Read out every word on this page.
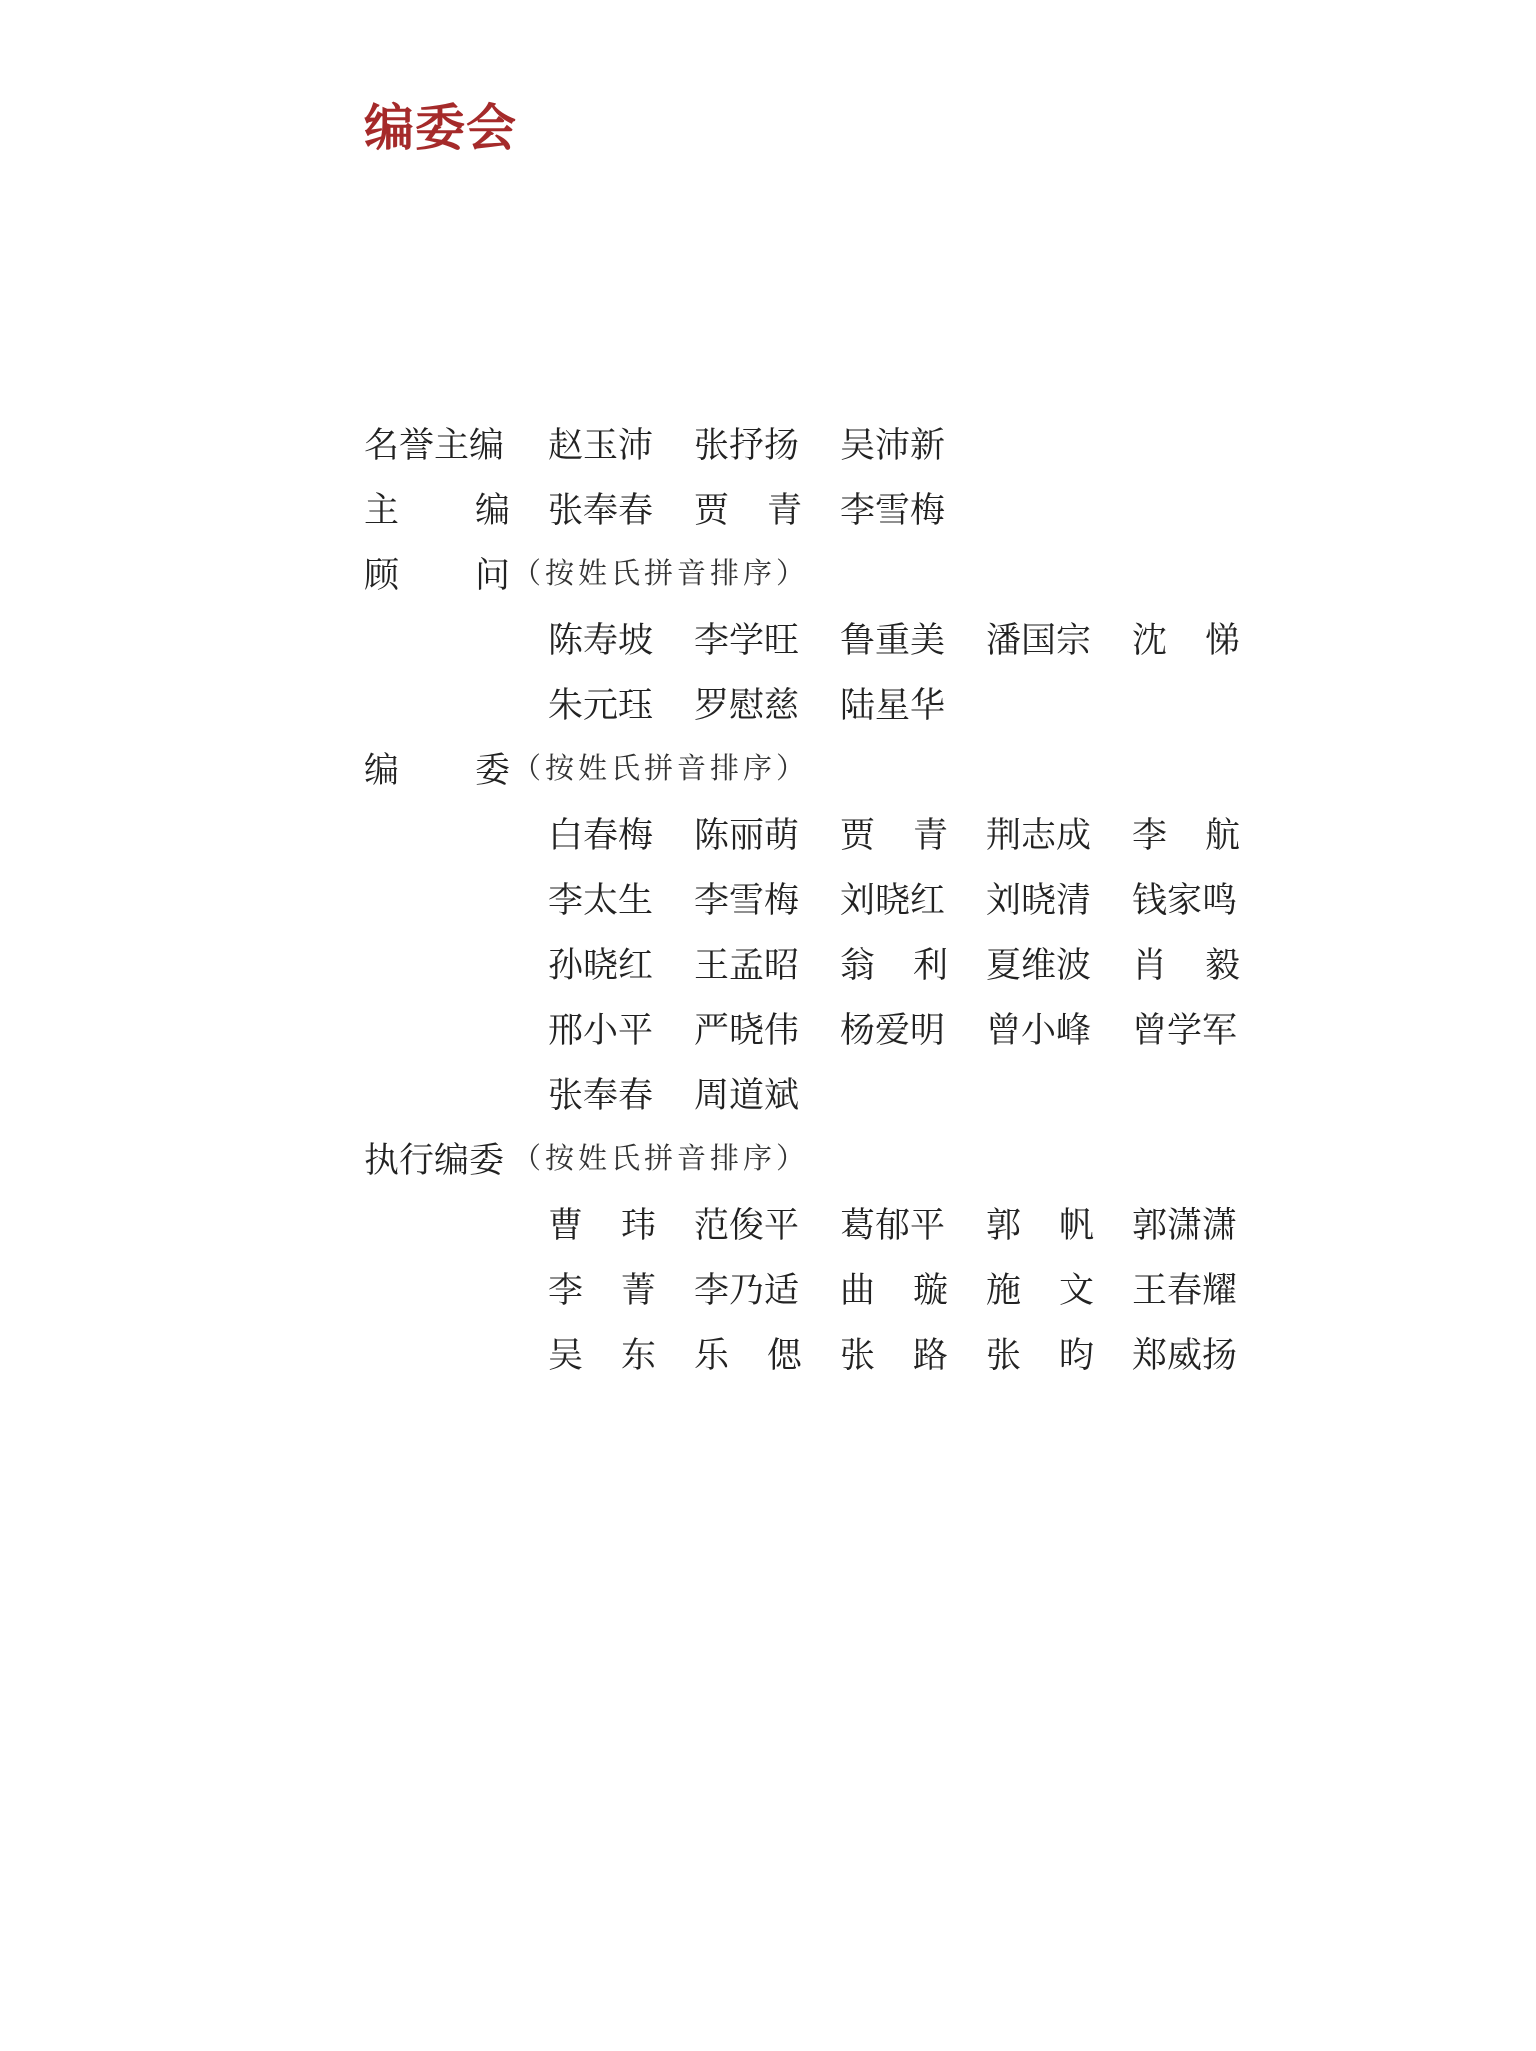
编委会
名誉主编 赵玉沛 张抒扬 吴沛新
主 编 张奉春 贾 青 李雪梅
顾 问 （按姓氏拼音排序）
陈寿坡 李学旺 鲁重美 潘国宗 沈 悌
朱元珏 罗慰慈 陆星华
编 委 （按姓氏拼音排序）
白春梅 陈丽萌 贾 青 荆志成 李 航
李太生 李雪梅 刘晓红 刘晓清 钱家鸣
孙晓红 王孟昭 翁 利 夏维波 肖 毅
邢小平 严晓伟 杨爱明 曾小峰 曾学军
张奉春 周道斌
执行编委 （按姓氏拼音排序）
曹 玮 范俊平 葛郁平 郭 帆 郭潇潇
李 菁 李乃适 曲 璇 施 文 王春耀
吴 东 乐 偲 张 路 张 昀 郑威扬
